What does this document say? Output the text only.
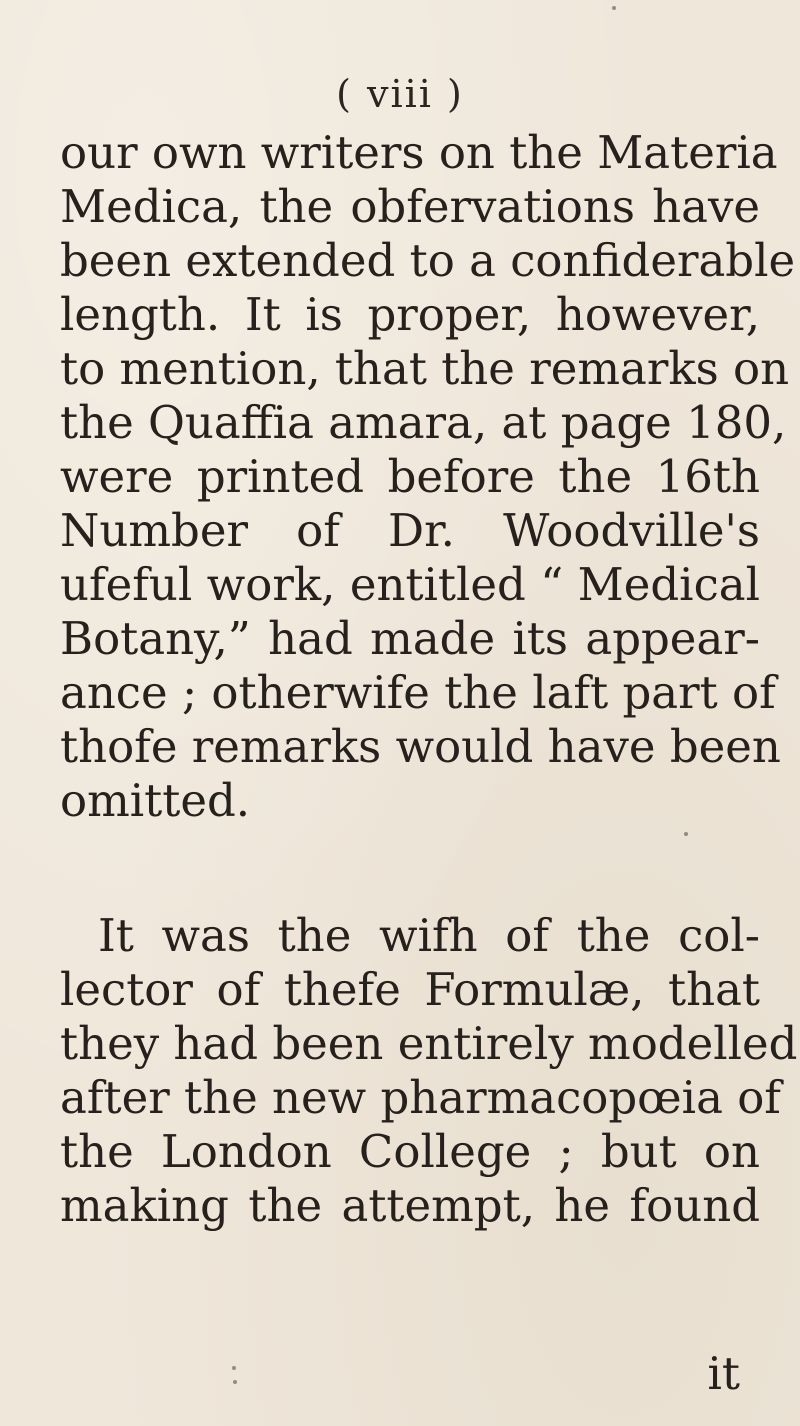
( viii )
our own writers on the Materia
Medica, the obfervations have
been extended to a confiderable
length. It is proper, however,
to mention, that the remarks on
the Quaffia amara, at page 180,
were printed before the 16th
Number of Dr. Woodville's
ufeful work, entitled “ Medical
Botany,” had made its appear-
ance ; otherwife the laft part of
thofe remarks would have been
omitted.
It was the wifh of the col-
lector of thefe Formulæ, that
they had been entirely modelled
after the new pharmacopœia of
the London College ; but on
making the attempt, he found
it
